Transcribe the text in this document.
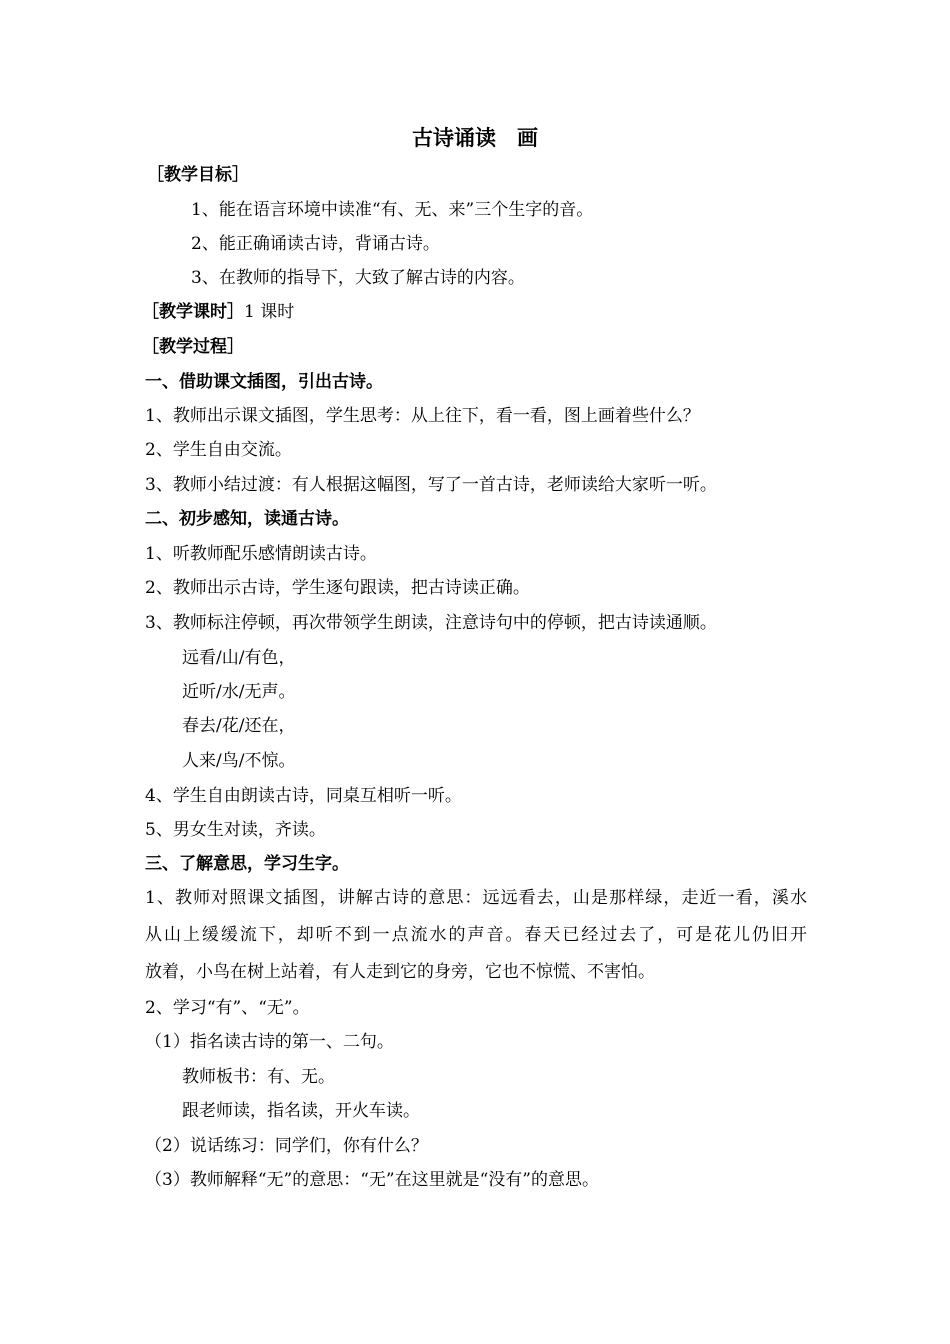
古诗诵读　画
［教学目标］
1、能在语言环境中读准“有、无、来”三个生字的音。
2、能正确诵读古诗，背诵古诗。
3、在教师的指导下，大致了解古诗的内容。
［教学课时］1 课时
［教学过程］
一、借助课文插图，引出古诗。
1、教师出示课文插图，学生思考：从上往下，看一看，图上画着些什么？
2、学生自由交流。
3、教师小结过渡：有人根据这幅图，写了一首古诗，老师读给大家听一听。
二、初步感知，读通古诗。
1、听教师配乐感情朗读古诗。
2、教师出示古诗，学生逐句跟读，把古诗读正确。
3、教师标注停顿，再次带领学生朗读，注意诗句中的停顿，把古诗读通顺。
远看/山/有色，
近听/水/无声。
春去/花/还在，
人来/鸟/不惊。
4、学生自由朗读古诗，同桌互相听一听。
5、男女生对读，齐读。
三、了解意思，学习生字。
1、教师对照课文插图，讲解古诗的意思：远远看去，山是那样绿，走近一看，溪水
从山上缓缓流下，却听不到一点流水的声音。春天已经过去了，可是花儿仍旧开
放着，小鸟在树上站着，有人走到它的身旁，它也不惊慌、不害怕。
2、学习“有”、“无”。
（1）指名读古诗的第一、二句。
教师板书：有、无。
跟老师读，指名读，开火车读。
（2）说话练习：同学们，你有什么？
（3）教师解释“无”的意思：“无”在这里就是“没有”的意思。
